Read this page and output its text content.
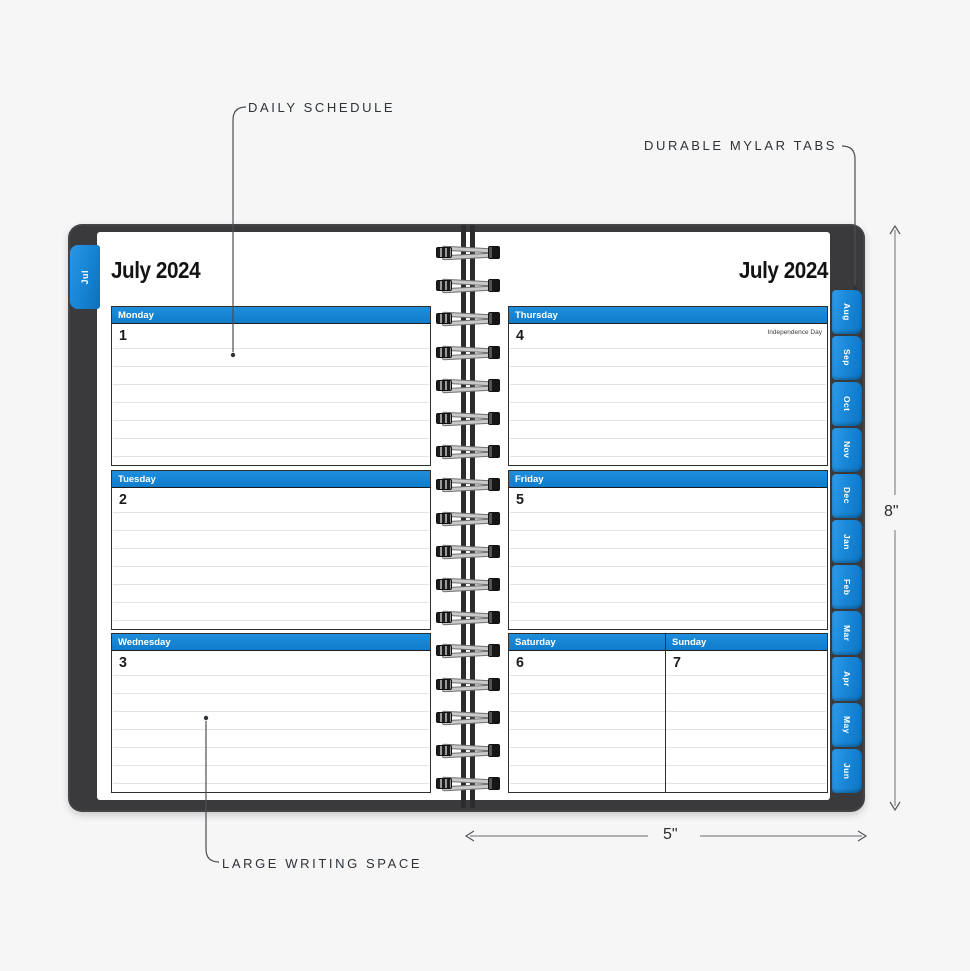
DAILY SCHEDULE
DURABLE MYLAR TABS
LARGE WRITING SPACE
8"
5"
Jul July 2024	July 2024
Monday
1
Tuesday
2
Wednesday
3
Thursday
4	Independence Day
Friday
5
Saturday	Sunday
6	7
Aug
Sep
Oct
Nov
Dec
Jan
Feb
Mar
Apr
May
Jun
